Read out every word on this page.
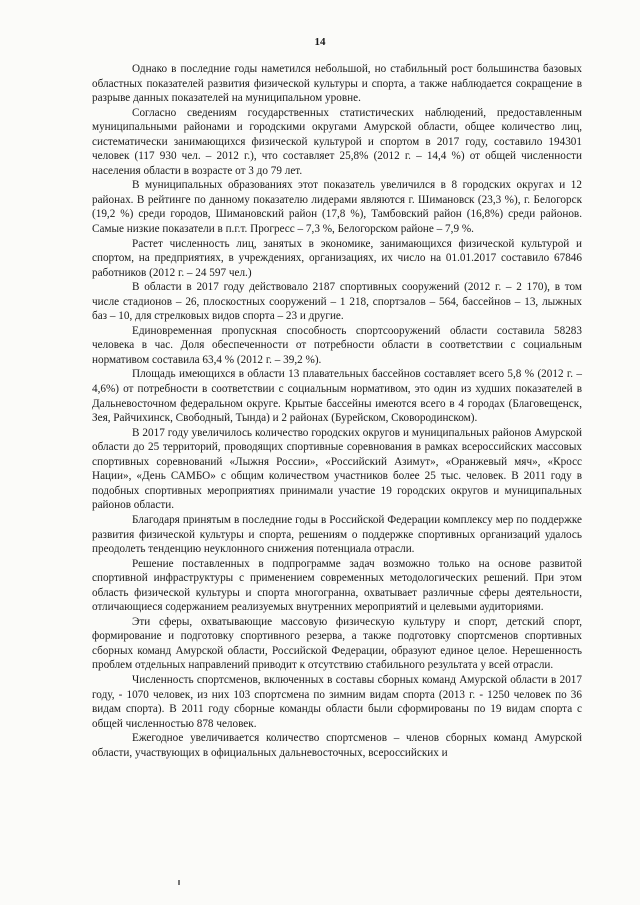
14

Однако в последние годы наметился небольшой, но стабильный рост большинства базовых областных показателей развития физической культуры и спорта, а также наблюдается сокращение в разрыве данных показателей на муниципальном уровне.

Согласно сведениям государственных статистических наблюдений, предоставленным муниципальными районами и городскими округами Амурской области, общее количество лиц, систематически занимающихся физической культурой и спортом в 2017 году, составило 194301 человек (117 930 чел. – 2012 г.), что составляет 25,8% (2012 г. – 14,4 %) от общей численности населения области в возрасте от 3 до 79 лет.

В муниципальных образованиях этот показатель увеличился в 8 городских округах и 12 районах. В рейтинге по данному показателю лидерами являются г. Шимановск (23,3 %), г. Белогорск (19,2 %) среди городов, Шимановский район (17,8 %), Тамбовский район (16,8%) среди районов. Самые низкие показатели в п.г.т. Прогресс – 7,3 %, Белогорском районе – 7,9 %.

Растет численность лиц, занятых в экономике, занимающихся физической культурой и спортом, на предприятиях, в учреждениях, организациях, их число на 01.01.2017 составило 67846 работников (2012 г. – 24 597 чел.)

В области в 2017 году действовало 2187 спортивных сооружений (2012 г. – 2 170), в том числе стадионов – 26, плоскостных сооружений – 1 218, спортзалов – 564, бассейнов – 13, лыжных баз – 10, для стрелковых видов спорта – 23 и другие.

Единовременная пропускная способность спортсооружений области составила 58283 человека в час. Доля обеспеченности от потребности области в соответствии с социальным нормативом составила 63,4 % (2012 г. – 39,2 %).

Площадь имеющихся в области 13 плавательных бассейнов составляет всего 5,8 % (2012 г. – 4,6%) от потребности в соответствии с социальным нормативом, это один из худших показателей в Дальневосточном федеральном округе. Крытые бассейны имеются всего в 4 городах (Благовещенск, Зея, Райчихинск, Свободный, Тында) и 2 районах (Бурейском, Сковородинском).

В 2017 году увеличилось количество городских округов и муниципальных районов Амурской области до 25 территорий, проводящих спортивные соревнования в рамках всероссийских массовых спортивных соревнований «Лыжня России», «Российский Азимут», «Оранжевый мяч», «Кросс Нации», «День САМБО» с общим количеством участников более 25 тыс. человек. В 2011 году в подобных спортивных мероприятиях принимали участие 19 городских округов и муниципальных районов области.

Благодаря принятым в последние годы в Российской Федерации комплексу мер по поддержке развития физической культуры и спорта, решениям о поддержке спортивных организаций удалось преодолеть тенденцию неуклонного снижения потенциала отрасли.

Решение поставленных в подпрограмме задач возможно только на основе развитой спортивной инфраструктуры с применением современных методологических решений. При этом область физической культуры и спорта многогранна, охватывает различные сферы деятельности, отличающиеся содержанием реализуемых внутренних мероприятий и целевыми аудиториями.

Эти сферы, охватывающие массовую физическую культуру и спорт, детский спорт, формирование и подготовку спортивного резерва, а также подготовку спортсменов спортивных сборных команд Амурской области, Российской Федерации, образуют единое целое. Нерешенность проблем отдельных направлений приводит к отсутствию стабильного результата у всей отрасли.

Численность спортсменов, включенных в составы сборных команд Амурской области в 2017 году, - 1070 человек, из них 103 спортсмена по зимним видам спорта (2013 г. - 1250 человек по 36 видам спорта). В 2011 году сборные команды области были сформированы по 19 видам спорта с общей численностью 878 человек.

Ежегодное увеличивается количество спортсменов – членов сборных команд Амурской области, участвующих в официальных дальневосточных, всероссийских и
